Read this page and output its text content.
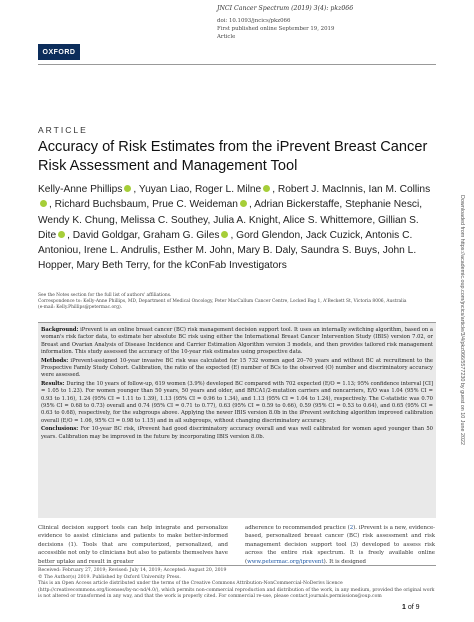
OXFORD
JNCI Cancer Spectrum (2019) 3(4): pkz066
doi: 10.1093/jncics/pkz066
First published online September 19, 2019
Article
ARTICLE
Accuracy of Risk Estimates from the iPrevent Breast Cancer Risk Assessment and Management Tool
Kelly-Anne Phillips , Yuyan Liao, Roger L. Milne , Robert J. MacInnis, Ian M. Collins, Richard Buchsbaum, Prue C. Weideman , Adrian Bickerstaffe, Stephanie Nesci, Wendy K. Chung, Melissa C. Southey, Julia A. Knight, Alice S. Whittemore, Gillian S. Dite , David Goldgar, Graham G. Giles , Gord Glendon, Jack Cuzick, Antonis C. Antoniou, Irene L. Andrulis, Esther M. John, Mary B. Daly, Saundra S. Buys, John L. Hopper, Mary Beth Terry, for the kConFab Investigators
See the Notes section for the full list of authors' affiliations.
Correspondence to: Kelly-Anne Phillips, MD, Department of Medical Oncology, Peter MacCallum Cancer Centre, Locked Bag 1, A'Beckett St, Victoria 8006, Australia
(e-mail: Kelly.Phillips@petermac.org).

Background: iPrevent is an online breast cancer (BC) risk management decision support tool. It uses an internally switching algorithm, based on a woman's risk factor data, to estimate her absolute BC risk using either the International Breast Cancer Intervention Study (IBIS) version 7.02, or Breast and Ovarian Analysis of Disease Incidence and Carrier Estimation Algorithm version 3 models, and then provides tailored risk management information. This study assessed the accuracy of the 10-year risk estimates using prospective data.

Methods: iPrevent-assigned 10-year invasive BC risk was calculated for 15 732 women aged 20–70 years and without BC at recruitment to the Prospective Family Study Cohort. Calibration, the ratio of the expected (E) number of BCs to the observed (O) number and discriminatory accuracy were assessed.

Results: During the 10 years of follow-up, 619 women (3.9%) developed BC compared with 702 expected (E/O = 1.13; 95% confidence interval [CI] = 1.05 to 1.23). For women younger than 50 years, 50 years and older, and BRCA1/2-mutation carriers and noncarriers, E/O was 1.04 (95% CI = 0.93 to 1.16), 1.24 (95% CI = 1.11 to 1.39), 1.13 (95% CI = 0.96 to 1.34), and 1.13 (95% CI = 1.04 to 1.24), respectively. The C-statistic was 0.70 (95% CI = 0.68 to 0.73) overall and 0.74 (95% CI = 0.71 to 0.77), 0.63 (95% CI = 0.59 to 0.66), 0.59 (95% CI = 0.53 to 0.64), and 0.65 (95% CI = 0.63 to 0.68), respectively, for the subgroups above. Applying the newer IBIS version 8.0b in the iPrevent switching algorithm improved calibration overall (E/O = 1.06, 95% CI = 0.98 to 1.15) and in all subgroups, without changing discriminatory accuracy.

Conclusions: For 10-year BC risk, iPrevent had good discriminatory accuracy overall and was well calibrated for women aged younger than 50 years. Calibration may be improved in the future by incorporating IBIS version 8.0b.

Clinical decision support tools can help integrate and personalize evidence to assist clinicians and patients to make better-informed decisions (1). Tools that are computerized, personalized, and accessible not only to clinicians but also to patients themselves have better uptake and result in greater

adherence to recommended practice (2). iPrevent is a new, evidence-based, personalized breast cancer (BC) risk assessment and risk management decision support tool (3) developed to assess risk across the entire risk spectrum. It is freely available online (www.petermac.org/iprevent). It is designed

Received: February 27, 2019; Revised: July 14, 2019; Accepted: August 20, 2019
© The Author(s) 2019. Published by Oxford University Press.
This is an Open Access article distributed under the terms of the Creative Commons Attribution-NonCommercial-NoDerivs licence (http://creativecommons.org/licenses/by-nc-nd/4.0/), which permits non-commercial reproduction and distribution of the work, in any medium, provided the original work is not altered or transformed in any way, and that the work is properly cited. For commercial re-use, please contact journals.permissions@oup.com
1 of 9
Downloaded from https://academic.oup.com/jncics/article/3/4/pkz066/5577230 by guest on 10 June 2022
